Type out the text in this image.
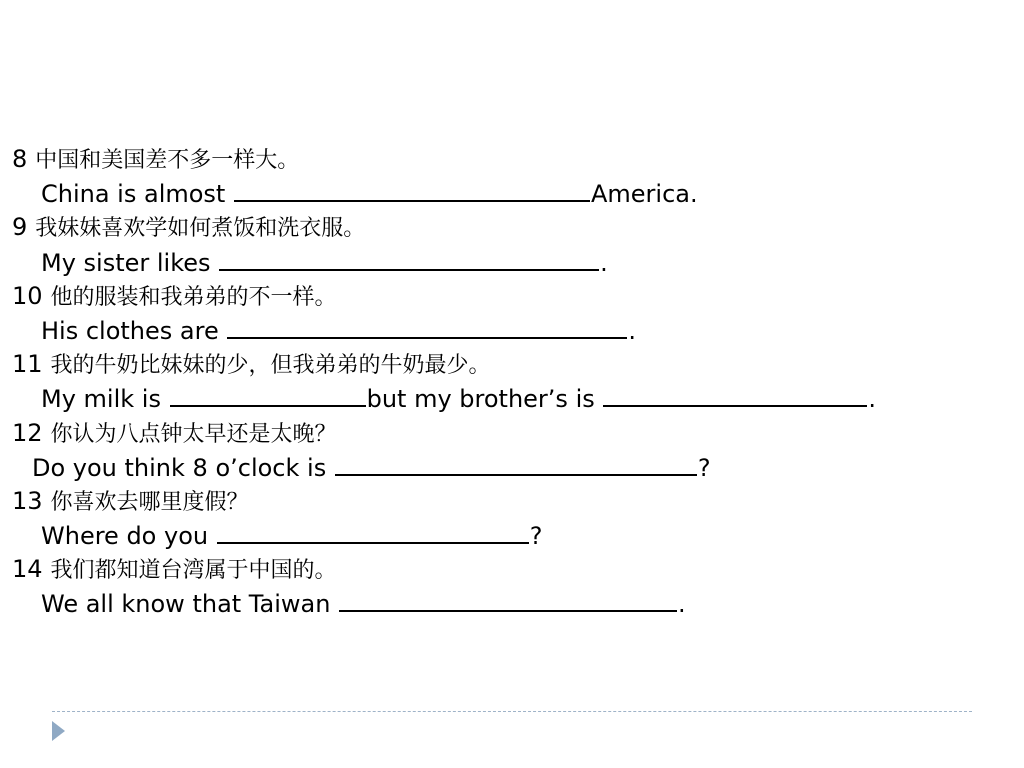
8 中国和美国差不多一样大。
China is almost	America.
9 我妹妹喜欢学如何煮饭和洗衣服。
My sister likes	.
10 他的服装和我弟弟的不一样。
His clothes are	.
11 我的牛奶比妹妹的少，但我弟弟的牛奶最少。
My milk is	but my brother’s is	.
12 你认为八点钟太早还是太晚？
Do you think 8 o’clock is	?
13 你喜欢去哪里度假？
Where do you	?
14 我们都知道台湾属于中国的。
We all know that Taiwan	.
